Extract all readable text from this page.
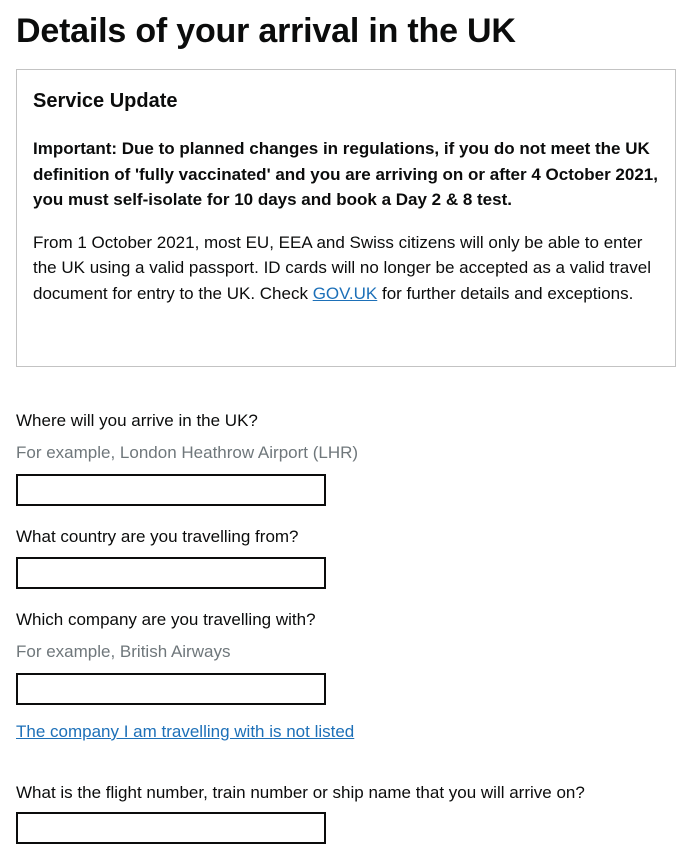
Details of your arrival in the UK
Service Update

Important: Due to planned changes in regulations, if you do not meet the UK definition of 'fully vaccinated' and you are arriving on or after 4 October 2021, you must self-isolate for 10 days and book a Day 2 & 8 test.

From 1 October 2021, most EU, EEA and Swiss citizens will only be able to enter the UK using a valid passport. ID cards will no longer be accepted as a valid travel document for entry to the UK. Check GOV.UK for further details and exceptions.

Where will you arrive in the UK?
For example, London Heathrow Airport (LHR)
What country are you travelling from?
Which company are you travelling with?
For example, British Airways
The company I am travelling with is not listed
What is the flight number, train number or ship name that you will arrive on?
